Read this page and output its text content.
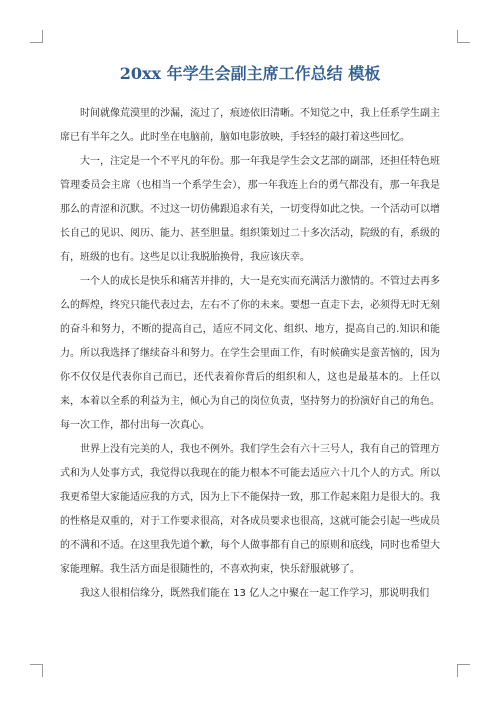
20xx 年学生会副主席工作总结 模板

时间就像荒漠里的沙漏，流过了，痕迹依旧清晰。不知觉之中，我上任系学生副主席已有半年之久。此时坐在电脑前，脑如电影放映，手轻轻的敲打着这些回忆。

大一，注定是一个不平凡的年份。那一年我是学生会文艺部的副部，还担任特色班管理委员会主席（也相当一个系学生会），那一年我连上台的勇气都没有，那一年我是那么的青涩和沉默。不过这一切仿佛跟追求有关，一切变得如此之快。一个活动可以增长自己的见识、阅历、能力、甚至胆量。组织策划过二十多次活动，院级的有，系级的有，班级的也有。这些足以让我脱胎换骨，我应该庆幸。

一个人的成长是快乐和痛苦并排的，大一是充实而充满活力激情的。不管过去再多么的辉煌，终究只能代表过去，左右不了你的未来。要想一直走下去，必须得无时无刻的奋斗和努力，不断的提高自己，适应不同文化、组织、地方，提高自己的.知识和能力。所以我选择了继续奋斗和努力。在学生会里面工作，有时候确实是蛮苦恼的，因为你不仅仅是代表你自己而已，还代表着你背后的组织和人，这也是最基本的。上任以来，本着以全系的利益为主，倾心为自己的岗位负责，坚持努力的扮演好自己的角色。每一次工作，都付出每一次真心。

世界上没有完美的人，我也不例外。我们学生会有六十三号人，我有自己的管理方式和为人处事方式，我觉得以我现在的能力根本不可能去适应六十几个人的方式。所以我更希望大家能适应我的方式，因为上下不能保持一致，那工作起来阻力是很大的。我的性格是双重的，对于工作要求很高，对各成员要求也很高，这就可能会引起一些成员的不满和不适。在这里我先道个歉，每个人做事都有自己的原则和底线，同时也希望大家能理解。我生活方面是很随性的，不喜欢拘束，快乐舒服就够了。

我这人很相信缘分，既然我们能在 13 亿人之中聚在一起工作学习，那说明我们
